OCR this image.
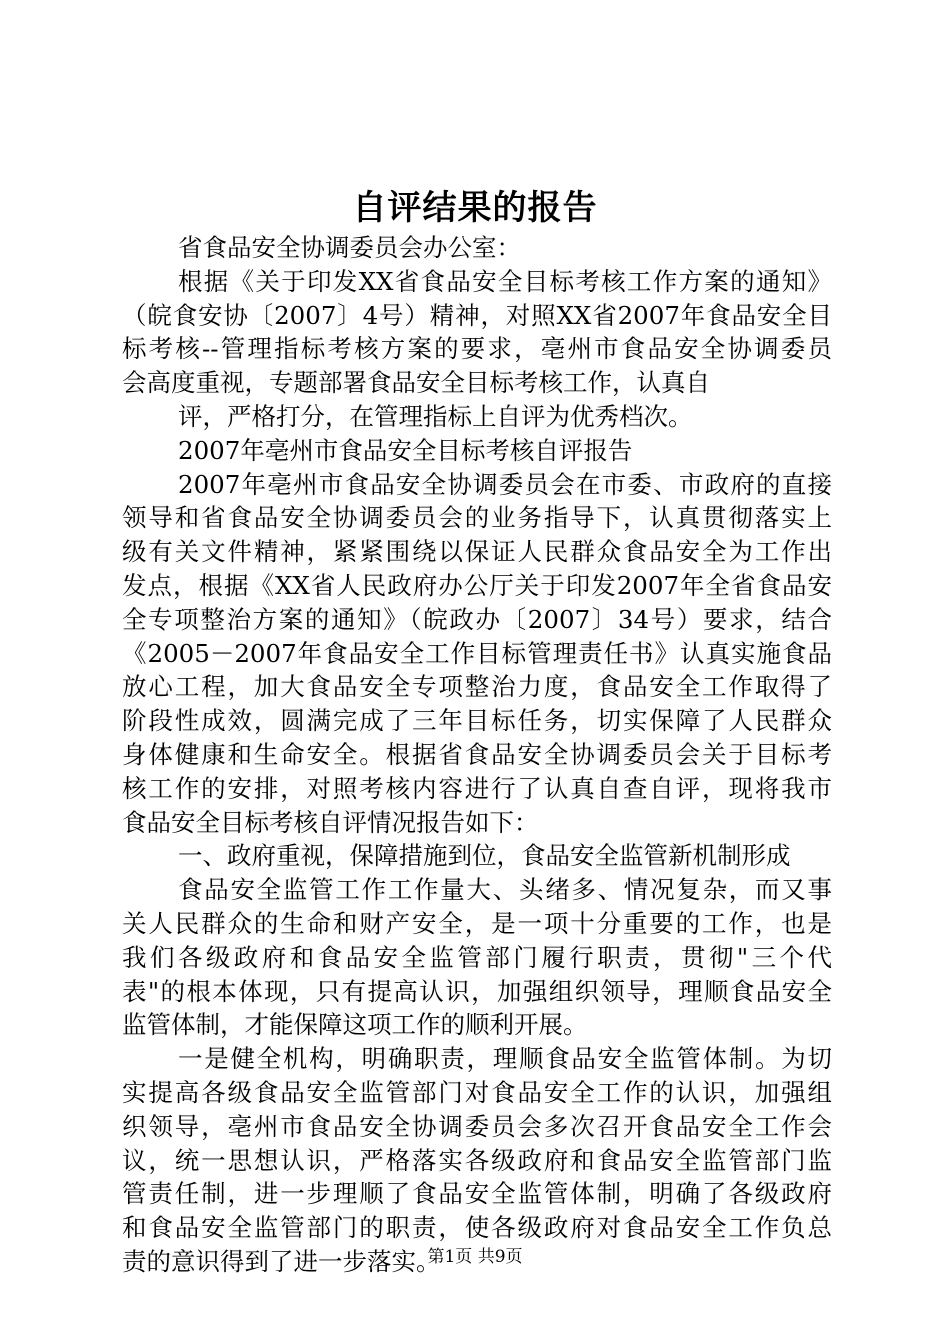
自评结果的报告
省食品安全协调委员会办公室：
根据《关于印发XX省食品安全目标考核工作方案的通知》
（皖食安协〔2007〕4号）精神，对照XX省2007年食品安全目
标考核--管理指标考核方案的要求，亳州市食品安全协调委员
会高度重视，专题部署食品安全目标考核工作，认真自
评，严格打分，在管理指标上自评为优秀档次。
2007年亳州市食品安全目标考核自评报告
2007年亳州市食品安全协调委员会在市委、市政府的直接
领导和省食品安全协调委员会的业务指导下，认真贯彻落实上
级有关文件精神，紧紧围绕以保证人民群众食品安全为工作出
发点，根据《XX省人民政府办公厅关于印发2007年全省食品安
全专项整治方案的通知》（皖政办〔2007〕34号）要求，结合
《2005－2007年食品安全工作目标管理责任书》认真实施食品
放心工程，加大食品安全专项整治力度，食品安全工作取得了
阶段性成效，圆满完成了三年目标任务，切实保障了人民群众
身体健康和生命安全。根据省食品安全协调委员会关于目标考
核工作的安排，对照考核内容进行了认真自查自评，现将我市
食品安全目标考核自评情况报告如下：
一、政府重视，保障措施到位，食品安全监管新机制形成
食品安全监管工作工作量大、头绪多、情况复杂，而又事
关人民群众的生命和财产安全，是一项十分重要的工作，也是
我们各级政府和食品安全监管部门履行职责，贯彻"三个代
表"的根本体现，只有提高认识，加强组织领导，理顺食品安全
监管体制，才能保障这项工作的顺利开展。
一是健全机构，明确职责，理顺食品安全监管体制。为切
实提高各级食品安全监管部门对食品安全工作的认识，加强组
织领导，亳州市食品安全协调委员会多次召开食品安全工作会
议，统一思想认识，严格落实各级政府和食品安全监管部门监
管责任制，进一步理顺了食品安全监管体制，明确了各级政府
和食品安全监管部门的职责，使各级政府对食品安全工作负总
责的意识得到了进一步落实。
第1页 共9页
